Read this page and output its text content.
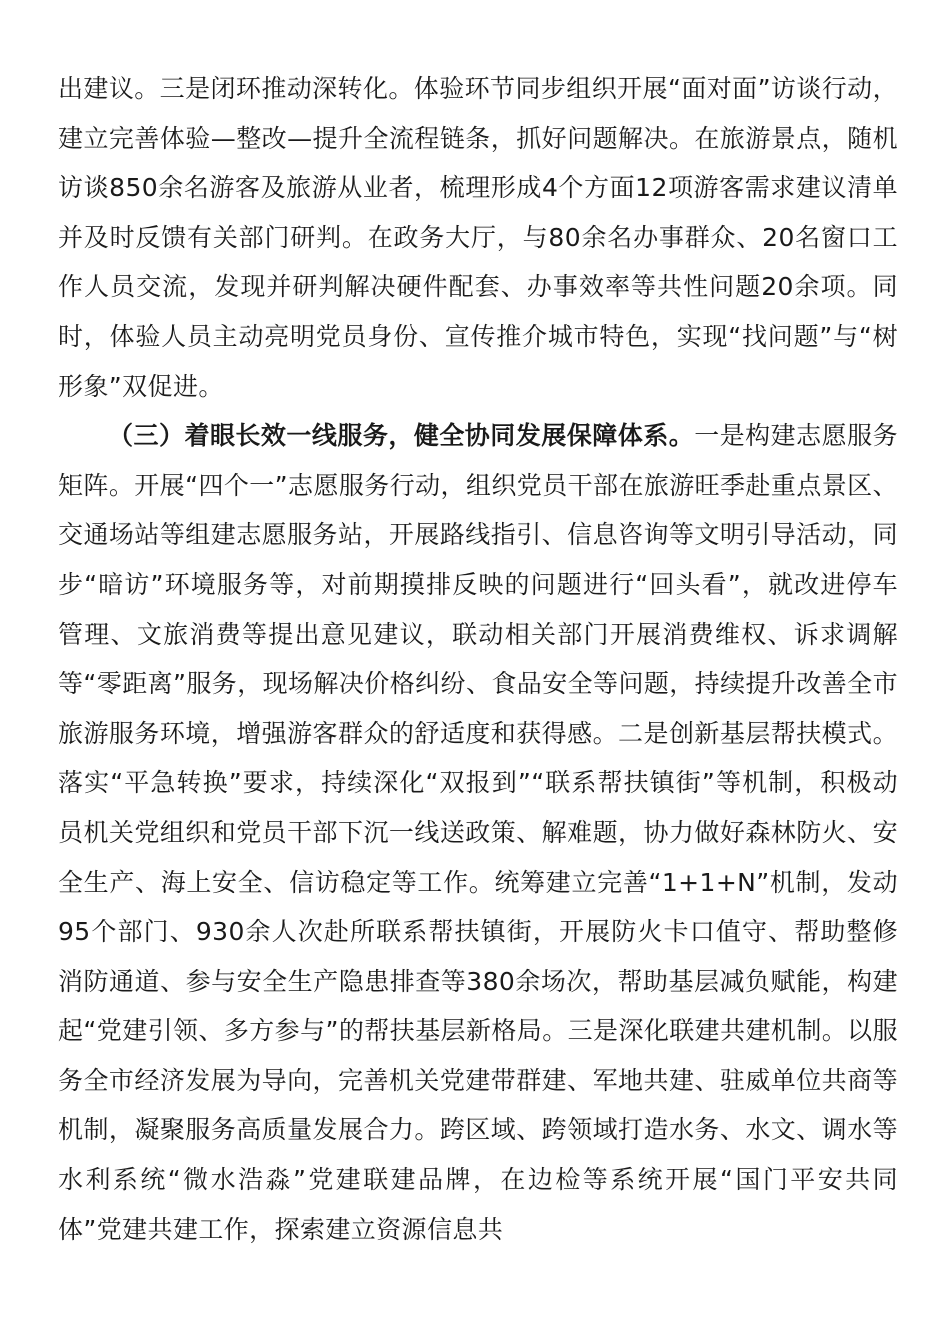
出建议。三是闭环推动深转化。体验环节同步组织开展“面对面”访谈行动，建立完善体验—整改—提升全流程链条，抓好问题解决。在旅游景点，随机访谈850余名游客及旅游从业者，梳理形成4个方面12项游客需求建议清单并及时反馈有关部门研判。在政务大厅，与80余名办事群众、20名窗口工作人员交流，发现并研判解决硬件配套、办事效率等共性问题20余项。同时，体验人员主动亮明党员身份、宣传推介城市特色，实现“找问题”与“树形象”双促进。

（三）着眼长效一线服务，健全协同发展保障体系。一是构建志愿服务矩阵。开展“四个一”志愿服务行动，组织党员干部在旅游旺季赴重点景区、交通场站等组建志愿服务站，开展路线指引、信息咨询等文明引导活动，同步“暗访”环境服务等，对前期摸排反映的问题进行“回头看”，就改进停车管理、文旅消费等提出意见建议，联动相关部门开展消费维权、诉求调解等“零距离”服务，现场解决价格纠纷、食品安全等问题，持续提升改善全市旅游服务环境，增强游客群众的舒适度和获得感。二是创新基层帮扶模式。落实“平急转换”要求，持续深化“双报到”“联系帮扶镇街”等机制，积极动员机关党组织和党员干部下沉一线送政策、解难题，协力做好森林防火、安全生产、海上安全、信访稳定等工作。统筹建立完善“1+1+N”机制，发动95个部门、930余人次赴所联系帮扶镇街，开展防火卡口值守、帮助整修消防通道、参与安全生产隐患排查等380余场次，帮助基层减负赋能，构建起“党建引领、多方参与”的帮扶基层新格局。三是深化联建共建机制。以服务全市经济发展为导向，完善机关党建带群建、军地共建、驻威单位共商等机制，凝聚服务高质量发展合力。跨区域、跨领域打造水务、水文、调水等水利系统“微水浩淼”党建联建品牌，在边检等系统开展“国门平安共同体”党建共建工作，探索建立资源信息共
